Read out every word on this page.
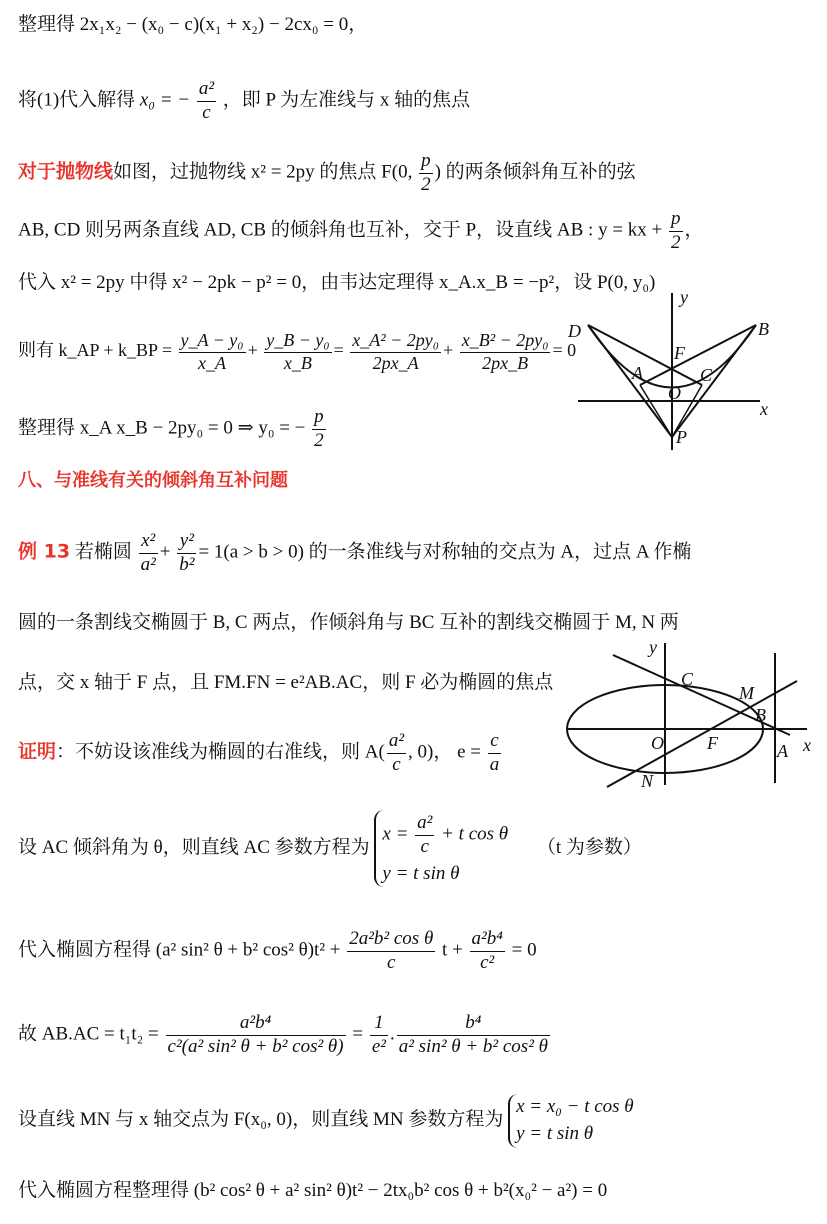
整理得 2x₁x₂ − (x₀ − c)(x₁ + x₂) − 2cx₀ = 0，
将(1)代入解得 x₀ = − $\frac{\text{a²}}{c}$ ，即 P 为左准线与 x 轴的焦点
对于抛物线如图，过抛物线 x² = 2py 的焦点 F(0, $\frac{p}{2}$ ) 的两条倾斜角互补的弦
AB, CD 则另两条直线 AD, CB 的倾斜角也互补，交于 P，设直线 AB : y = kx + $\frac{p}{2}$ ，
代入 x² = 2py 中得 x² − 2pk − p² = 0，由韦达定理得 x_A.x_B = −p²，设 P(0, y₀)
则有 k_AP + k_BP = $\frac{\text{y\_A − y₀}}{x\_A} + \frac{\text{y\_B − y₀}}{x\_B} = \frac{\text{x\_A² − 2py₀}}{2px\_A} + \frac{\text{x\_B² − 2py₀}}{2px\_B} = 0$
整理得 x_A x_B − 2py₀ = 0 ⇒ y₀ = − $\frac{p}{2}$
D	B
F
A	C
O
P
x
y
八、与准线有关的倾斜角互补问题
例 13 若椭圆 $\frac{\text{x²}}{\text{a²}} + \frac{\text{y²}}{\text{b²}} = 1(a > b > 0)$ 的一条准线与对称轴的交点为 A，过点 A 作椭
圆的一条割线交椭圆于 B, C 两点，作倾斜角与 BC 互补的割线交椭圆于 M, N 两
点，交 x 轴于 F 点，且 FM.FN = e²AB.AC，则 F 必为椭圆的焦点
证明：不妨设该准线为椭圆的右准线，则 $A( \frac{\text{a²}}{c}$ , 0)， $e = \frac{c}{a}$
y
C
M
B
O F	A
N
x
设 AC 倾斜角为 θ，则直线 AC 参数方程为
$x = \frac{\text{a²}}{c} + t$ cos θ
y = t sin θ
（t 为参数）
代入椭圆方程得 (a² sin² θ + b² cos² $\theta)t^2 + \frac{\text{2a²b² cos θ}}{c}$ $t + \frac{\text{a²b⁴}}{\text{c²}} = 0$
故 $AB.AC = t_1t_2 = \frac{\text{a²b⁴}}{\text{c²(a² sin² θ + b² cos² θ)}} = \frac{1}{\text{e²}}$ . $\frac{\text{b⁴}}{\text{a² sin² θ + b² cos² θ}}$
设直线 MN 与 x 轴交点为 F(x₀, 0)，则直线 MN 参数方程为
x = x₀ − t cos θ
y = t sin θ
代入椭圆方程整理得 (b² cos² θ + a² sin² θ)t² − 2tx₀b² cos θ + b²(x₀² − a²) = 0
